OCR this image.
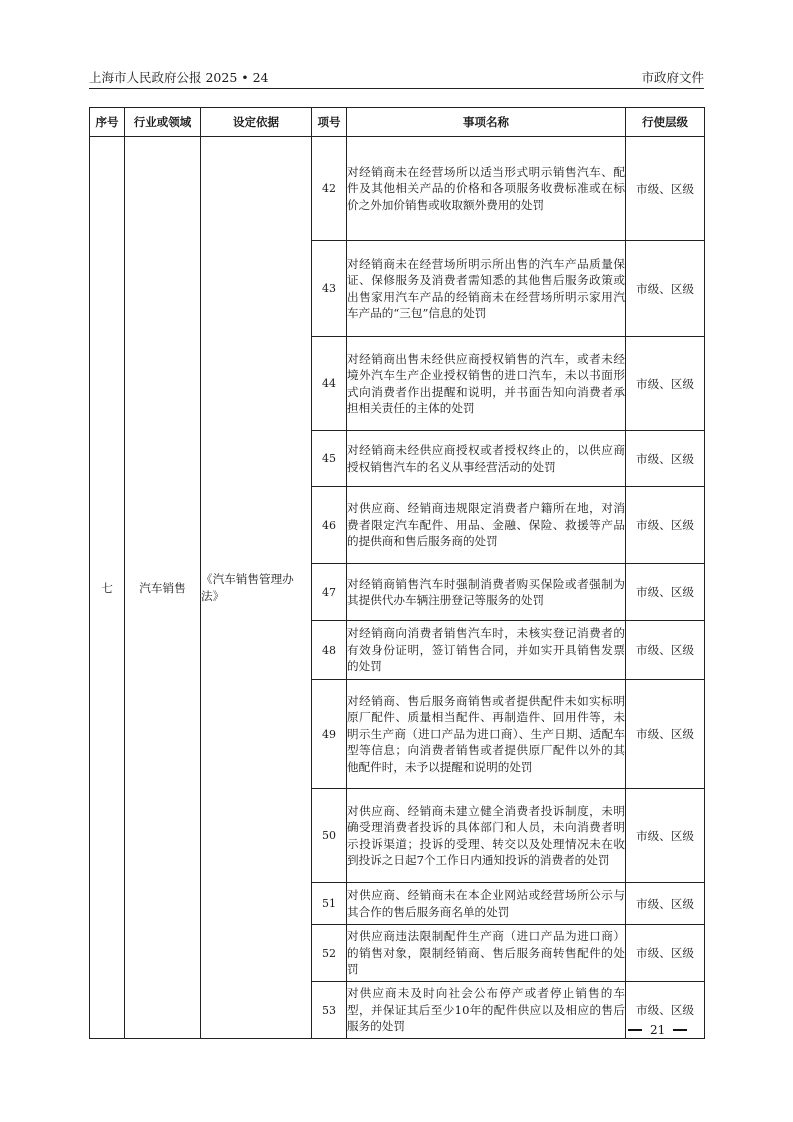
上海市人民政府公报 2025 • 24	市政府文件
序号	行业或领域	设定依据	项号	事项名称	行使层级
七	汽车销售	《汽车销售管理办法》	42	对经销商未在经营场所以适当形式明示销售汽车、配件及其他相关产品的价格和各项服务收费标准或在标价之外加价销售或收取额外费用的处罚	市级、区级
			43	对经销商未在经营场所明示所出售的汽车产品质量保证、保修服务及消费者需知悉的其他售后服务政策或出售家用汽车产品的经销商未在经营场所明示家用汽车产品的“三包”信息的处罚	市级、区级
			44	对经销商出售未经供应商授权销售的汽车，或者未经境外汽车生产企业授权销售的进口汽车，未以书面形式向消费者作出提醒和说明，并书面告知向消费者承担相关责任的主体的处罚	市级、区级
			45	对经销商未经供应商授权或者授权终止的，以供应商授权销售汽车的名义从事经营活动的处罚	市级、区级
			46	对供应商、经销商违规限定消费者户籍所在地，对消费者限定汽车配件、用品、金融、保险、救援等产品的提供商和售后服务商的处罚	市级、区级
			47	对经销商销售汽车时强制消费者购买保险或者强制为其提供代办车辆注册登记等服务的处罚	市级、区级
			48	对经销商向消费者销售汽车时，未核实登记消费者的有效身份证明，签订销售合同，并如实开具销售发票的处罚	市级、区级
			49	对经销商、售后服务商销售或者提供配件未如实标明原厂配件、质量相当配件、再制造件、回用件等，未明示生产商（进口产品为进口商）、生产日期、适配车型等信息；向消费者销售或者提供原厂配件以外的其他配件时，未予以提醒和说明的处罚	市级、区级
			50	对供应商、经销商未建立健全消费者投诉制度，未明确受理消费者投诉的具体部门和人员，未向消费者明示投诉渠道；投诉的受理、转交以及处理情况未在收到投诉之日起7个工作日内通知投诉的消费者的处罚	市级、区级
			51	对供应商、经销商未在本企业网站或经营场所公示与其合作的售后服务商名单的处罚	市级、区级
			52	对供应商违法限制配件生产商（进口产品为进口商）的销售对象，限制经销商、售后服务商转售配件的处罚	市级、区级
			53	对供应商未及时向社会公布停产或者停止销售的车型，并保证其后至少10年的配件供应以及相应的售后服务的处罚	市级、区级
21
